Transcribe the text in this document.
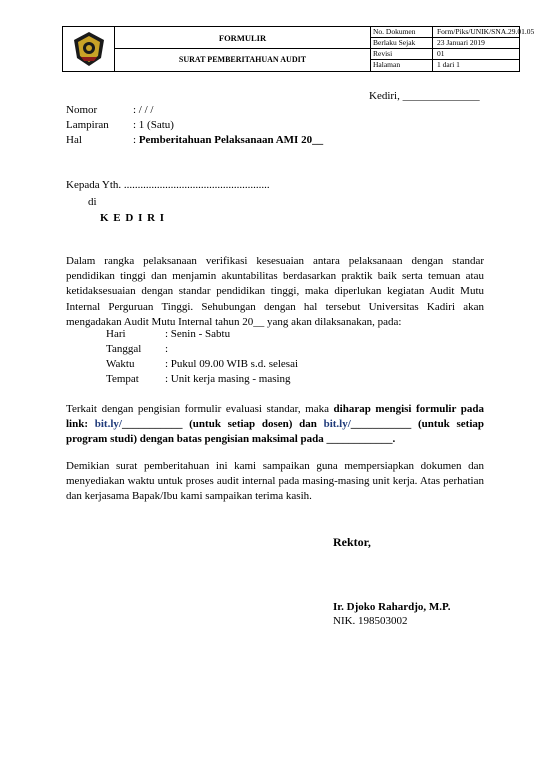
FORMULIR
SURAT PEMBERITAHUAN AUDIT
No. Dokumen	Form/Piks/UNIK/SNA.29.01.05
Berlaku Sejak	23 Januari 2019
Revisi	01
Halaman	1 dari 1
Kediri, ______________
Nomor	: / / /
Lampiran : 1 (Satu)
Hal	: Pemberitahuan Pelaksanaan AMI 20__
Kepada Yth. .....................................................
di
K E D I R I
Dalam rangka pelaksanaan verifikasi kesesuaian antara pelaksanaan dengan standar pendidikan tinggi dan menjamin akuntabilitas berdasarkan praktik baik serta temuan atau ketidaksesuaian dengan standar pendidikan tinggi, maka diperlukan kegiatan Audit Mutu Internal Perguruan Tinggi. Sehubungan dengan hal tersebut Universitas Kadiri akan mengadakan Audit Mutu Internal tahun 20__ yang akan dilaksanakan, pada:
Hari	: Senin - Sabtu
Tanggal :
Waktu	: Pukul 09.00 WIB s.d. selesai
Tempat : Unit kerja masing - masing
Terkait dengan pengisian formulir evaluasi standar, maka diharap mengisi formulir pada link: bit.ly/___________ (untuk setiap dosen) dan bit.ly/___________ (untuk setiap program studi) dengan batas pengisian maksimal pada ____________.
Demikian surat pemberitahuan ini kami sampaikan guna mempersiapkan dokumen dan menyediakan waktu untuk proses audit internal pada masing-masing unit kerja. Atas perhatian dan kerjasama Bapak/Ibu kami sampaikan terima kasih.
Rektor,
Ir. Djoko Rahardjo, M.P.
NIK. 198503002
